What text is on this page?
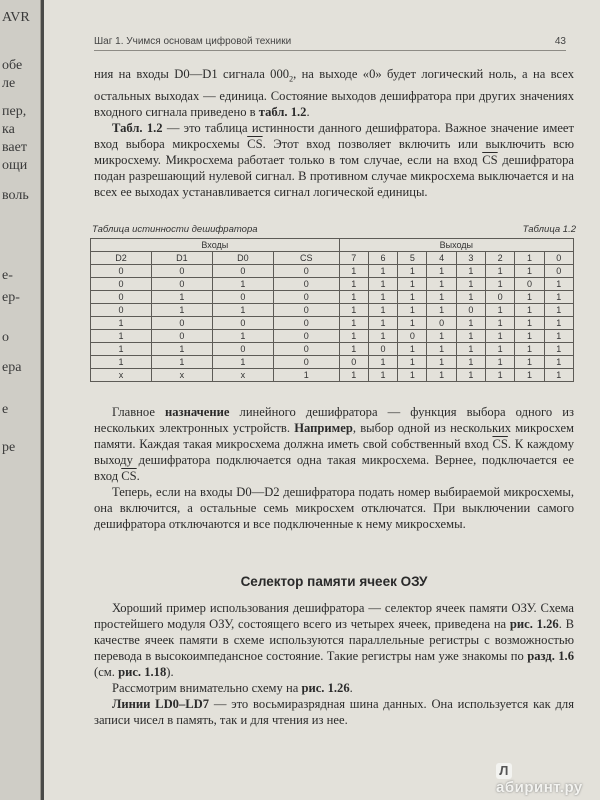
AVR
обе
ле
пер,
ка
вает
ощи
воль
е-
ер-
о
ера
е
ре
Шаг 1. Учимся основам цифровой техники	43

ния на входы D0—D1 сигнала $000_2$, на выходе «0» будет логический ноль, а на всех остальных выходах — единица. Состояние выходов дешифратора при других значениях входного сигнала приведено в табл. 1.2.

Табл. 1.2 — это таблица истинности данного дешифратора. Важное значение имеет вход выбора микросхемы $\overline{CS}$. Этот вход позволяет включить или выключить всю микросхему. Микросхема работает только в том случае, если на вход $\overline{CS}$ дешифратора подан разрешающий нулевой сигнал. В противном случае микросхема выключается и на всех ее выходах устанавливается сигнал логической единицы.

Таблица истинности дешифратора	Таблица 1.2
Входы				Выходы							
D2	D1	D0	CS	7	6	5	4	3	2	1	0
0	0	0	0	1	1	1	1	1	1	1	0
0	0	1	0	1	1	1	1	1	1	0	1
0	1	0	0	1	1	1	1	1	0	1	1
0	1	1	0	1	1	1	1	0	1	1	1
1	0	0	0	1	1	1	0	1	1	1	1
1	0	1	0	1	1	0	1	1	1	1	1
1	1	0	0	1	0	1	1	1	1	1	1
1	1	1	0	0	1	1	1	1	1	1	1
x	x	x	1	1	1	1	1	1	1	1	1

Главное назначение линейного дешифратора — функция выбора одного из нескольких электронных устройств. Например, выбор одной из нескольких микросхем памяти. Каждая такая микросхема должна иметь свой собственный вход $\overline{CS}$. К каждому выходу дешифратора подключается одна такая микросхема. Вернее, подключается ее вход $\overline{CS}$.

Теперь, если на входы D0—D2 дешифратора подать номер выбираемой микросхемы, она включится, а остальные семь микросхем отключатся. При выключении самого дешифратора отключаются и все подключенные к нему микросхемы.

Селектор памяти ячеек ОЗУ

Хороший пример использования дешифратора — селектор ячеек памяти ОЗУ. Схема простейшего модуля ОЗУ, состоящего всего из четырех ячеек, приведена на рис. 1.26. В качестве ячеек памяти в схеме используются параллельные регистры с возможностью перевода в высокоимпедансное состояние. Такие регистры нам уже знакомы по разд. 1.6 (см. рис. 1.18).

Рассмотрим внимательно схему на рис. 1.26.

Линии LD0–LD7 — это восьмиразрядная шина данных. Она используется как для записи чисел в память, так и для чтения из нее.

Лабиринт.ру
